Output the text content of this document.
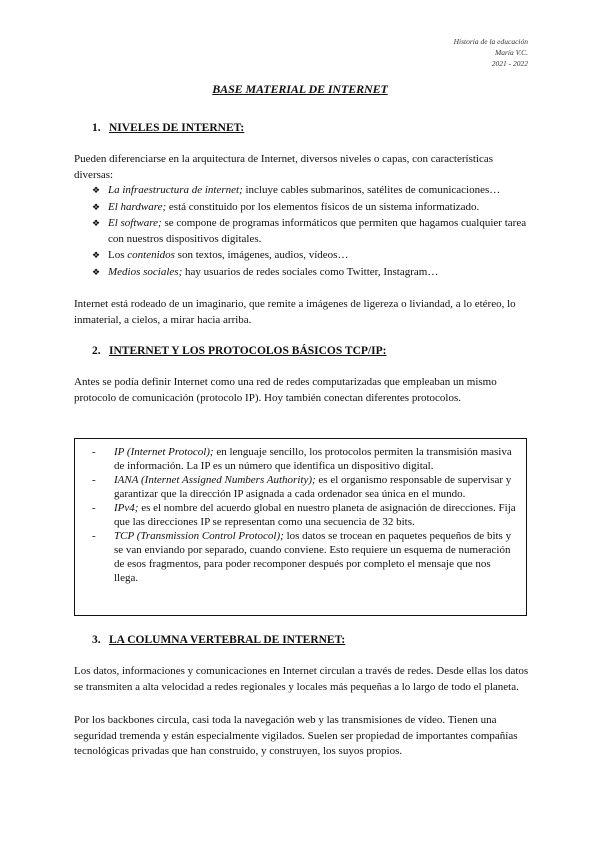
Historia de la educación
María V.C.
2021 - 2022
BASE MATERIAL DE INTERNET
1. NIVELES DE INTERNET:

Pueden diferenciarse en la arquitectura de Internet, diversos niveles o capas, con características diversas:

❖ La infraestructura de internet; incluye cables submarinos, satélites de comunicaciones…
❖ El hardware; está constituido por los elementos físicos de un sistema informatizado.
❖ El software; se compone de programas informáticos que permiten que hagamos cualquier tarea con nuestros dispositivos digitales.
❖ Los contenidos son textos, imágenes, audios, vídeos…
❖ Medios sociales; hay usuarios de redes sociales como Twitter, Instagram…

Internet está rodeado de un imaginario, que remite a imágenes de ligereza o liviandad, a lo etéreo, lo inmaterial, a cielos, a mirar hacia arriba.

2. INTERNET Y LOS PROTOCOLOS BÁSICOS TCP/IP:

Antes se podía definir Internet como una red de redes computarizadas que empleaban un mismo protocolo de comunicación (protocolo IP). Hoy también conectan diferentes protocolos.

- IP (Internet Protocol); en lenguaje sencillo, los protocolos permiten la transmisión masiva de información. La IP es un número que identifica un dispositivo digital.
- IANA (Internet Assigned Numbers Authority); es el organismo responsable de supervisar y garantizar que la dirección IP asignada a cada ordenador sea única en el mundo.
- IPv4; es el nombre del acuerdo global en nuestro planeta de asignación de direcciones. Fija que las direcciones IP se representan como una secuencia de 32 bits.
- TCP (Transmission Control Protocol); los datos se trocean en paquetes pequeños de bits y se van enviando por separado, cuando conviene. Esto requiere un esquema de numeración de esos fragmentos, para poder recomponer después por completo el mensaje que nos llega.
3. LA COLUMNA VERTEBRAL DE INTERNET:

Los datos, informaciones y comunicaciones en Internet circulan a través de redes. Desde ellas los datos se transmiten a alta velocidad a redes regionales y locales más pequeñas a lo largo de todo el planeta.

Por los backbones circula, casi toda la navegación web y las transmisiones de vídeo. Tienen una seguridad tremenda y están especialmente vigilados. Suelen ser propiedad de importantes compañías tecnológicas privadas que han construido, y construyen, los suyos propios.
